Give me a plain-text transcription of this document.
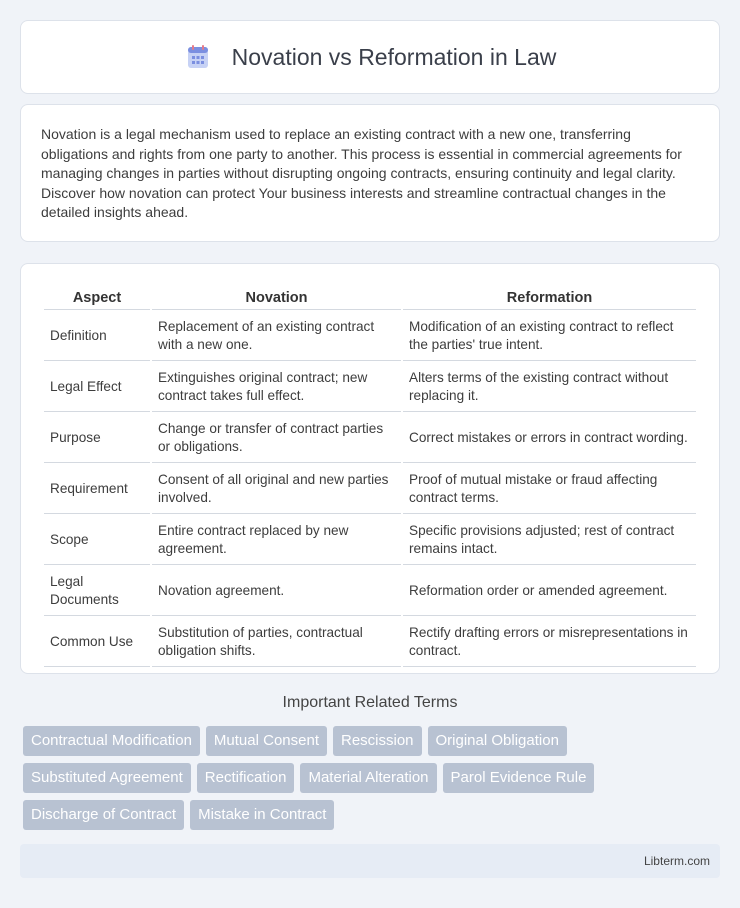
Novation vs Reformation in Law

Novation is a legal mechanism used to replace an existing contract with a new one, transferring obligations and rights from one party to another. This process is essential in commercial agreements for managing changes in parties without disrupting ongoing contracts, ensuring continuity and legal clarity. Discover how novation can protect Your business interests and streamline contractual changes in the detailed insights ahead.

Aspect	Novation	Reformation
Definition	Replacement of an existing contract with a new one.	Modification of an existing contract to reflect the parties' true intent.
Legal Effect	Extinguishes original contract; new contract takes full effect.	Alters terms of the existing contract without replacing it.
Purpose	Change or transfer of contract parties or obligations.	Correct mistakes or errors in contract wording.
Requirement	Consent of all original and new parties involved.	Proof of mutual mistake or fraud affecting contract terms.
Scope	Entire contract replaced by new agreement.	Specific provisions adjusted; rest of contract remains intact.
Legal Documents	Novation agreement.	Reformation order or amended agreement.
Common Use	Substitution of parties, contractual obligation shifts.	Rectify drafting errors or misrepresentations in contract.
Important Related Terms
Contractual Modification	Mutual Consent	Rescission	Original Obligation
Substituted Agreement	Rectification	Material Alteration	Parol Evidence Rule
Discharge of Contract	Mistake in Contract
Libterm.com
